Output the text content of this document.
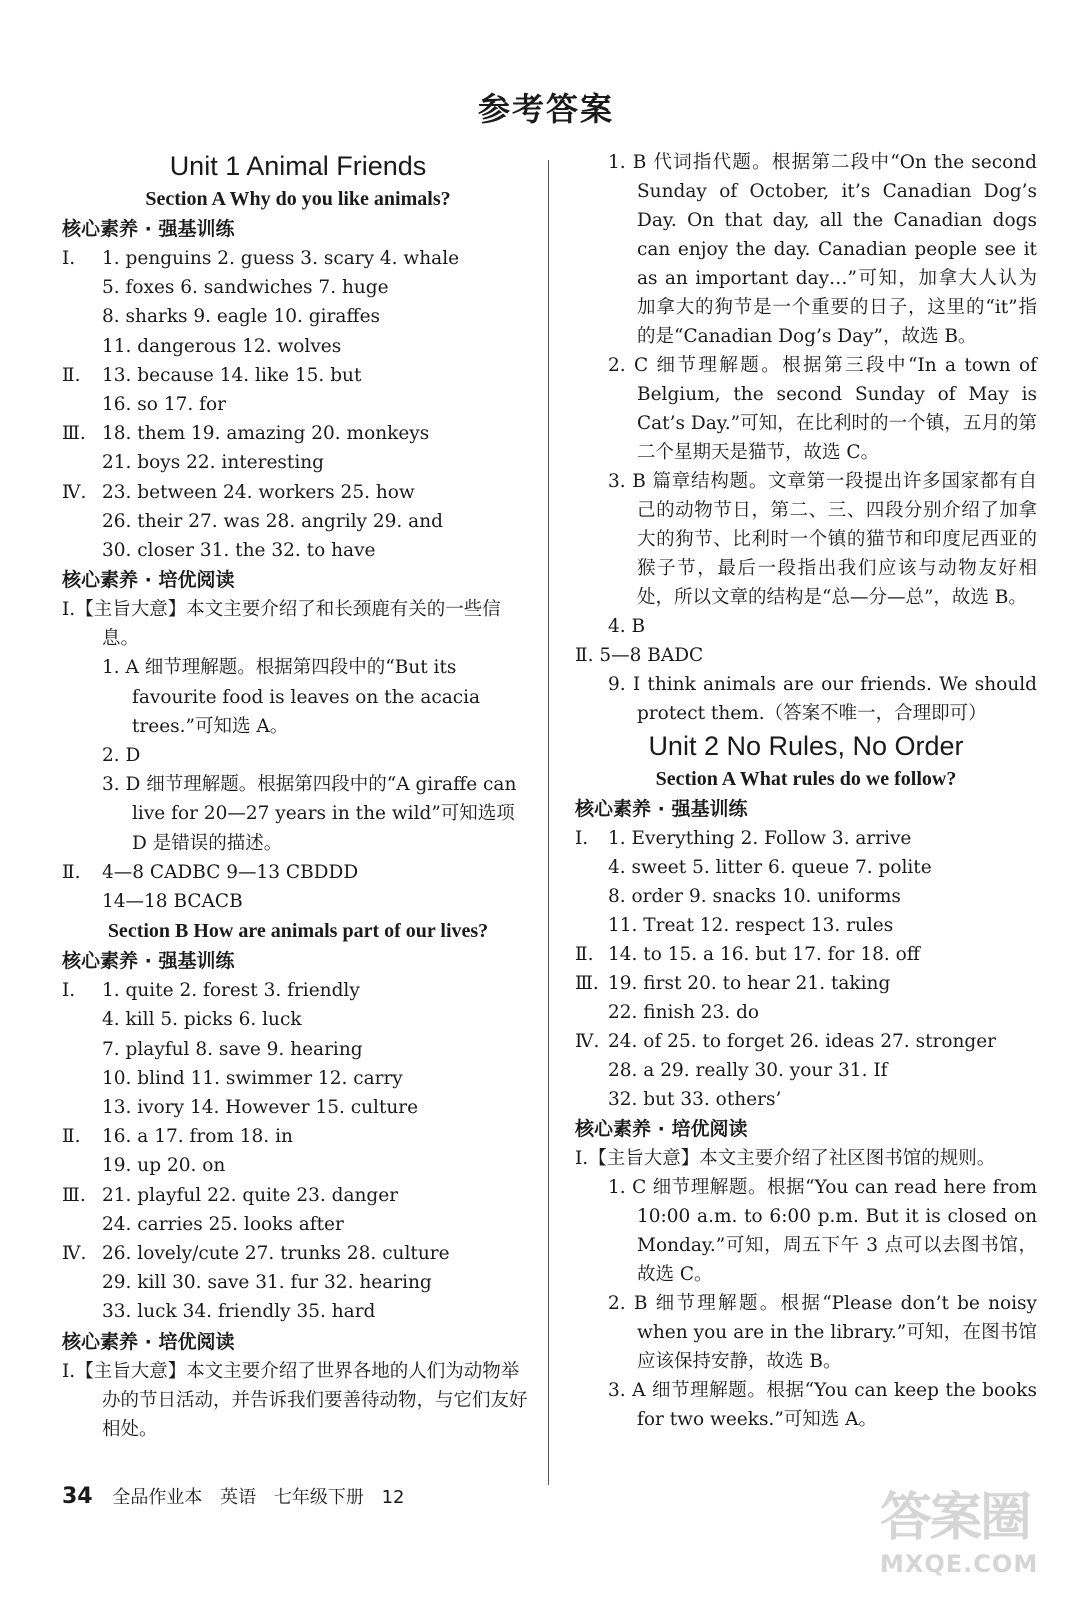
参考答案
Unit 1 Animal Friends
Section A Why do you like animals?
核心素养 · 强基训练
Ⅰ. 1. penguins 2. guess 3. scary 4. whale
5. foxes 6. sandwiches 7. huge
8. sharks 9. eagle 10. giraffes
11. dangerous 12. wolves
Ⅱ. 13. because 14. like 15. but
16. so 17. for
Ⅲ. 18. them 19. amazing 20. monkeys
21. boys 22. interesting
Ⅳ. 23. between 24. workers 25. how
26. their 27. was 28. angrily 29. and
30. closer 31. the 32. to have
核心素养 · 培优阅读
Ⅰ.【主旨大意】本文主要介绍了和长颈鹿有关的一些信息。
1. A 细节理解题。根据第四段中的“But its favourite food is leaves on the acacia trees.”可知选 A。
2. D
3. D 细节理解题。根据第四段中的“A giraffe can live for 20—27 years in the wild”可知选项 D 是错误的描述。
Ⅱ. 4—8 CADBC 9—13 CBDDD
14—18 BCACB
Section B How are animals part of our lives?
核心素养 · 强基训练
Ⅰ. 1. quite 2. forest 3. friendly
4. kill 5. picks 6. luck
7. playful 8. save 9. hearing
10. blind 11. swimmer 12. carry
13. ivory 14. However 15. culture
Ⅱ. 16. a 17. from 18. in
19. up 20. on
Ⅲ. 21. playful 22. quite 23. danger
24. carries 25. looks after
Ⅳ. 26. lovely/cute 27. trunks 28. culture
29. kill 30. save 31. fur 32. hearing
33. luck 34. friendly 35. hard
核心素养 · 培优阅读
Ⅰ.【主旨大意】本文主要介绍了世界各地的人们为动物举办的节日活动，并告诉我们要善待动物，与它们友好相处。
1. B 代词指代题。根据第二段中“On the second Sunday of October, it’s Canadian Dog’s Day. On that day, all the Canadian dogs can enjoy the day. Canadian people see it as an important day…”可知，加拿大人认为加拿大的狗节是一个重要的日子，这里的“it”指的是“Canadian Dog’s Day”，故选 B。
2. C 细节理解题。根据第三段中“In a town of Belgium, the second Sunday of May is Cat’s Day.”可知，在比利时的一个镇，五月的第二个星期天是猫节，故选 C。
3. B 篇章结构题。文章第一段提出许多国家都有自己的动物节日，第二、三、四段分别介绍了加拿大的狗节、比利时一个镇的猫节和印度尼西亚的猴子节，最后一段指出我们应该与动物友好相处，所以文章的结构是“总—分—总”，故选 B。
4. B
Ⅱ. 5—8 BADC
9. I think animals are our friends. We should protect them.（答案不唯一，合理即可）
Unit 2 No Rules, No Order
Section A What rules do we follow?
核心素养 · 强基训练
Ⅰ. 1. Everything 2. Follow 3. arrive
4. sweet 5. litter 6. queue 7. polite
8. order 9. snacks 10. uniforms
11. Treat 12. respect 13. rules
Ⅱ. 14. to 15. a 16. but 17. for 18. off
Ⅲ. 19. first 20. to hear 21. taking
22. finish 23. do
Ⅳ. 24. of 25. to forget 26. ideas 27. stronger
28. a 29. really 30. your 31. If
32. but 33. others’
核心素养 · 培优阅读
Ⅰ.【主旨大意】本文主要介绍了社区图书馆的规则。
1. C 细节理解题。根据“You can read here from 10:00 a.m. to 6:00 p.m. But it is closed on Monday.”可知，周五下午 3 点可以去图书馆，故选 C。
2. B 细节理解题。根据“Please don’t be noisy when you are in the library.”可知，在图书馆应该保持安静，故选 B。
3. A 细节理解题。根据“You can keep the books for two weeks.”可知选 A。
34 全品作业本 英语 七年级下册 12	答案圈
MXQE.COM
